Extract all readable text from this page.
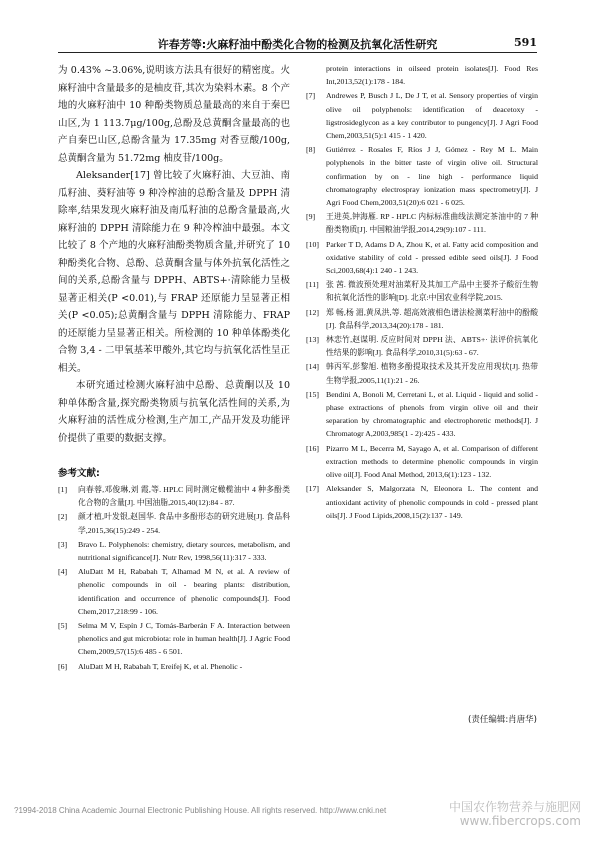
许春芳等:火麻籽油中酚类化合物的检测及抗氧化活性研究	591

为 0.43% ~3.06%,说明该方法具有很好的精密度。火麻籽油中含量最多的是柚皮苷,其次为染料木素。8 个产地的火麻籽油中 10 种酚类物质总量最高的来自于秦巴山区,为 1 113.7μg/100g,总酚及总黄酮含量最高的也产自秦巴山区,总酚含量为 17.35mg 对香豆酸/100g,总黄酮含量为 51.72mg 柚皮苷/100g。

Aleksander[17] 曾比较了火麻籽油、大豆油、南瓜籽油、葵籽油等 9 种冷榨油的总酚含量及 DPPH 清除率,结果发现火麻籽油及南瓜籽油的总酚含量最高,火麻籽油的 DPPH 清除能力在 9 种冷榨油中最强。本文比较了 8 个产地的火麻籽油酚类物质含量,并研究了 10 种酚类化合物、总酚、总黄酮含量与体外抗氧化活性之间的关系,总酚含量与 DPPH、ABTS+·清除能力呈极显著正相关(P <0.01),与 FRAP 还原能力呈显著正相关(P <0.05);总黄酮含量与 DPPH 清除能力、FRAP 的还原能力呈显著正相关。所检测的 10 种单体酚类化合物 3,4 - 二甲氧基苯甲酸外,其它均与抗氧化活性呈正相关。

本研究通过检测火麻籽油中总酚、总黄酮以及 10 种单体酚含量,探究酚类物质与抗氧化活性间的关系,为火麻籽油的活性成分检测,生产加工,产品开发及功能评价提供了重要的数据支撑。

参考文献:
[1] 向春蓉,邓俊琳,刘 霞,等. HPLC 同时测定橄榄油中 4 种多酚类化合物的含量[J]. 中国油脂,2015,40(12):84 - 87.
[2] 颜才植,叶发银,赵国华. 食品中多酚形态的研究进展[J]. 食品科学,2015,36(15):249 - 254.
[3] Bravo L. Polyphenols: chemistry, dietary sources, metabolism, and nutritional significance[J]. Nutr Rev, 1998,56(11):317 - 333.
[4] AluDatt M H, Rababah T, Alhamad M N, et al. A review of phenolic compounds in oil - bearing plants: distribution, identification and occurrence of phenolic compounds[J]. Food Chem,2017,218:99 - 106.
[5] Selma M V, Espín J C, Tomás-Barberán F A. Interaction between phenolics and gut microbiota: role in human health[J]. J Agric Food Chem,2009,57(15):6 485 - 6 501.
[6] AluDatt M H, Rababah T, Ereifej K, et al. Phenolic -
protein interactions in oilseed protein isolates[J]. Food Res Int,2013,52(1):178 - 184.
[7] Andrewes P, Busch J L, De J T, et al. Sensory properties of virgin olive oil polyphenols: identification of deacetoxy - ligstrosideglycon as a key contributor to pungency[J]. J Agri Food Chem,2003,51(5):1 415 - 1 420.
[8] Gutiérrez - Rosales F, Ríos J J, Gómez - Rey M L. Main polyphenols in the bitter taste of virgin olive oil. Structural confirmation by on - line high - performance liquid chromatography electrospray ionization mass spectrometry[J]. J Agri Food Chem,2003,51(20):6 021 - 6 025.
[9] 王进英,钟海雁. RP - HPLC 内标标准曲线法测定茶油中的 7 种酚类物质[J]. 中国粮油学报,2014,29(9):107 - 111.
[10] Parker T D, Adams D A, Zhou K, et al. Fatty acid composition and oxidative stability of cold - pressed edible seed oils[J]. J Food Sci,2003,68(4):1 240 - 1 243.
[11] 张 茜. 微波预处理对油菜籽及其加工产品中主要芥子酸衍生物和抗氧化活性的影响[D]. 北京:中国农业科学院,2015.
[12] 郑 畅,杨 湄,黄凤洪,等. 超高效液相色谱法检测菜籽油中的酚酸[J]. 食品科学,2013,34(20):178 - 181.
[13] 林恋竹,赵谋明. 反应时间对 DPPH 法、ABTS+· 法评价抗氧化性结果的影响[J]. 食品科学,2010,31(5):63 - 67.
[14] 韩丙军,彭黎旭. 植物多酚提取技术及其开发应用现状[J]. 热带生物学报,2005,11(1):21 - 26.
[15] Bendini A, Bonoli M, Cerretani L, et al. Liquid - liquid and solid - phase extractions of phenols from virgin olive oil and their separation by chromatographic and electrophoretic methods[J]. J Chromatogr A,2003,985(1 - 2):425 - 433.
[16] Pizarro M L, Becerra M, Sayago A, et al. Comparison of different extraction methods to determine phenolic compounds in virgin olive oil[J]. Food Anal Method, 2013,6(1):123 - 132.
[17] Aleksander S, Malgorzata N, Eleonora L. The content and antioxidant activity of phenolic compounds in cold - pressed plant oils[J]. J Food Lipids,2008,15(2):137 - 149.
(责任编辑:肖唐华)
?1994-2018 China Academic Journal Electronic Publishing House. All rights reserved. http://www.cnki.net	中国农作物营养与施肥网
www.fibercrops.com
